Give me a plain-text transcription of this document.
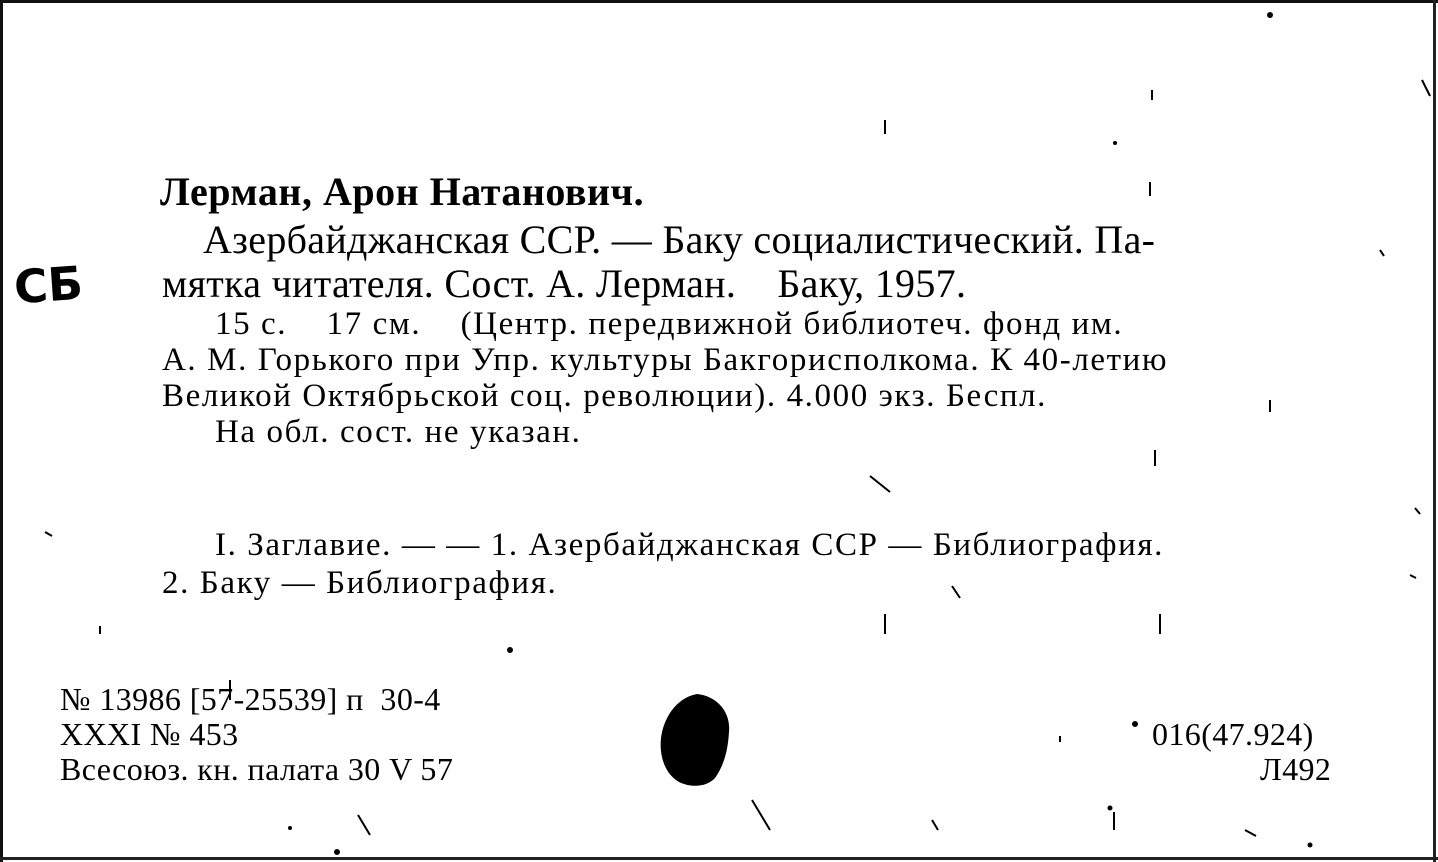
Лерман, Арон Натанович.
Азербайджанская ССР. — Баку социалистический. Па-
мятка читателя. Сост. А. Лерман.    Баку, 1957.
15 с.    17 см.    (Центр. передвижной библиотеч. фонд им.
А. М. Горького при Упр. культуры Бакгорисполкома. К 40-летию
Великой Октябрьской соц. революции). 4.000 экз. Беспл.
На обл. сост. не указан.
I. Заглавие. — — 1. Азербайджанская ССР — Библиография.
2. Баку — Библиография.
СБ
№ 13986 [57-25539] п  30-4
XXXI № 453
Всесоюз. кн. палата 30 V 57
016(47.924)
Л492
